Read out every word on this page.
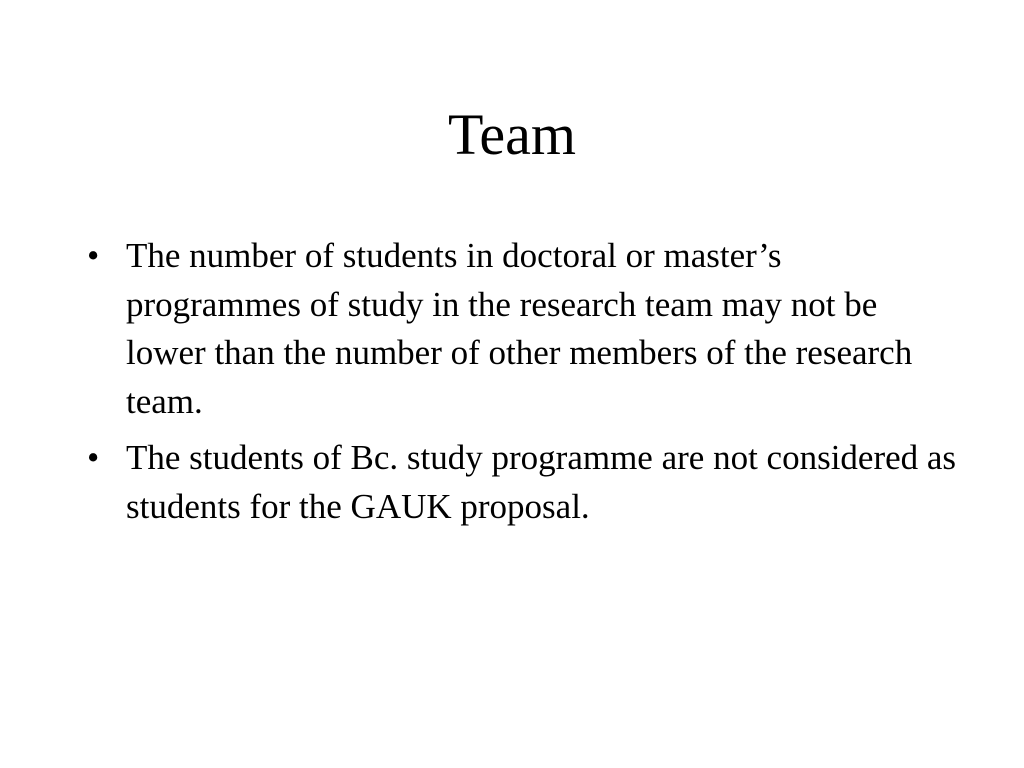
Team
• The number of students in doctoral or master’s programmes of study in the research team may not be lower than the number of other members of the research team.
• The students of Bc. study programme are not considered as students for the GAUK proposal.
